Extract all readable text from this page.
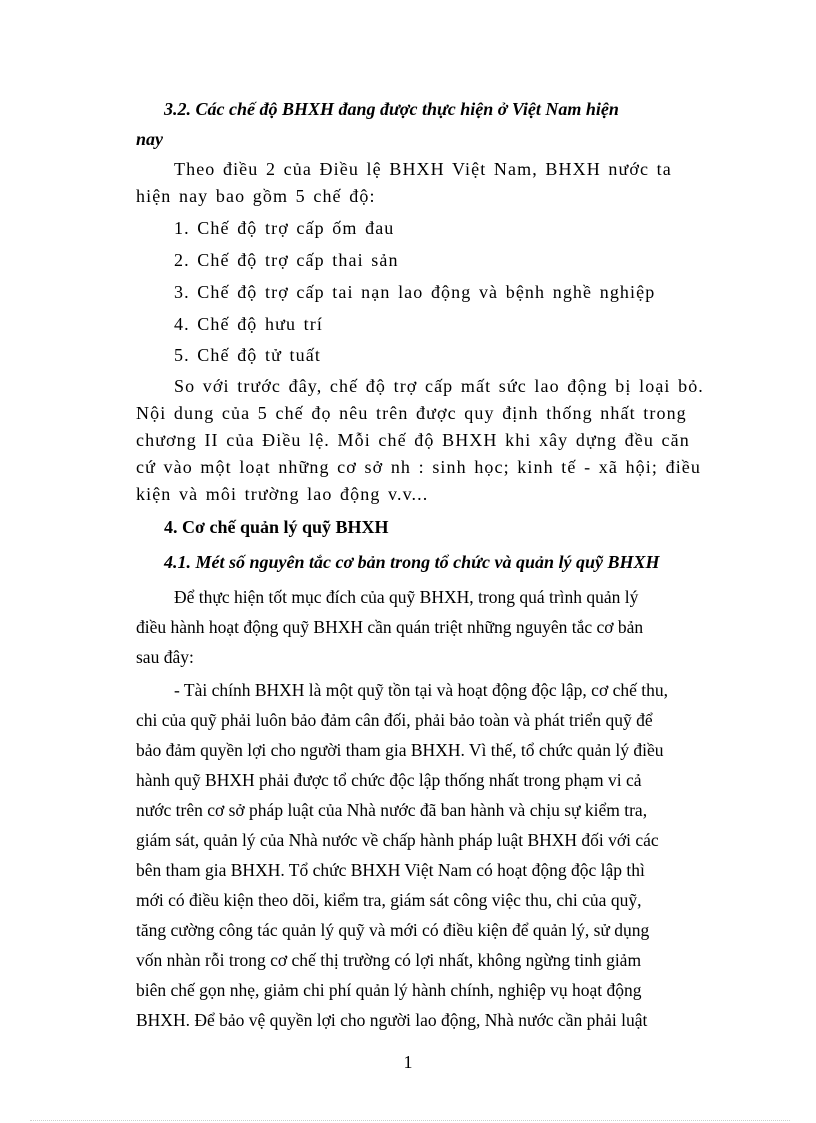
3.2. Các chế độ BHXH đang được thực hiện ở Việt Nam hiện

nay

Theo điều 2 của Điều lệ BHXH Việt Nam, BHXH nước ta

hiện nay bao gồm 5 chế độ:

1. Chế độ trợ cấp ốm đau

2. Chế độ trợ cấp thai sản

3. Chế độ trợ cấp tai nạn lao động và bệnh nghề nghiệp

4. Chế độ hưu trí

5. Chế độ tử tuất

So với trước đây, chế độ trợ cấp mất sức lao động bị loại bỏ.

Nội dung của 5 chế đọ nêu trên được quy định thống nhất trong

chương II của Điều lệ. Mỗi chế độ BHXH khi xây dựng đều căn

cứ vào một loạt những cơ sở nh : sinh học; kinh tế - xã hội; điều

kiện và môi trường lao động v.v...

4. Cơ chế quản lý quỹ BHXH

4.1. Mét số nguyên tắc cơ bản trong tổ chức và quản lý quỹ BHXH

Để thực hiện tốt mục đích của quỹ BHXH, trong quá trình quản lý

điều hành hoạt động quỹ BHXH cần quán triệt những nguyên tắc cơ bản

sau đây:

- Tài chính BHXH là một quỹ tồn tại và hoạt động độc lập, cơ chế thu,

chi của quỹ phải luôn bảo đảm cân đối, phải bảo toàn và phát triển quỹ để

bảo đảm quyền lợi cho người tham gia BHXH. Vì thế, tổ chức quản lý điều

hành quỹ BHXH phải được tổ chức độc lập thống nhất trong phạm vi cả

nước trên cơ sở pháp luật của Nhà nước đã ban hành và chịu sự kiểm tra,

giám sát, quản lý của Nhà nước về chấp hành pháp luật BHXH đối với các

bên tham gia BHXH. Tổ chức BHXH Việt Nam có hoạt động độc lập thì

mới có điều kiện theo dõi, kiểm tra, giám sát công việc thu, chi của quỹ,

tăng cường công tác quản lý quỹ và mới có điều kiện để quản lý, sử dụng

vốn nhàn rỗi trong cơ chế thị trường có lợi nhất, không ngừng tinh giảm

biên chế gọn nhẹ, giảm chi phí quản lý hành chính, nghiệp vụ hoạt động

BHXH. Để bảo vệ quyền lợi cho người lao động, Nhà nước cần phải luật

1
